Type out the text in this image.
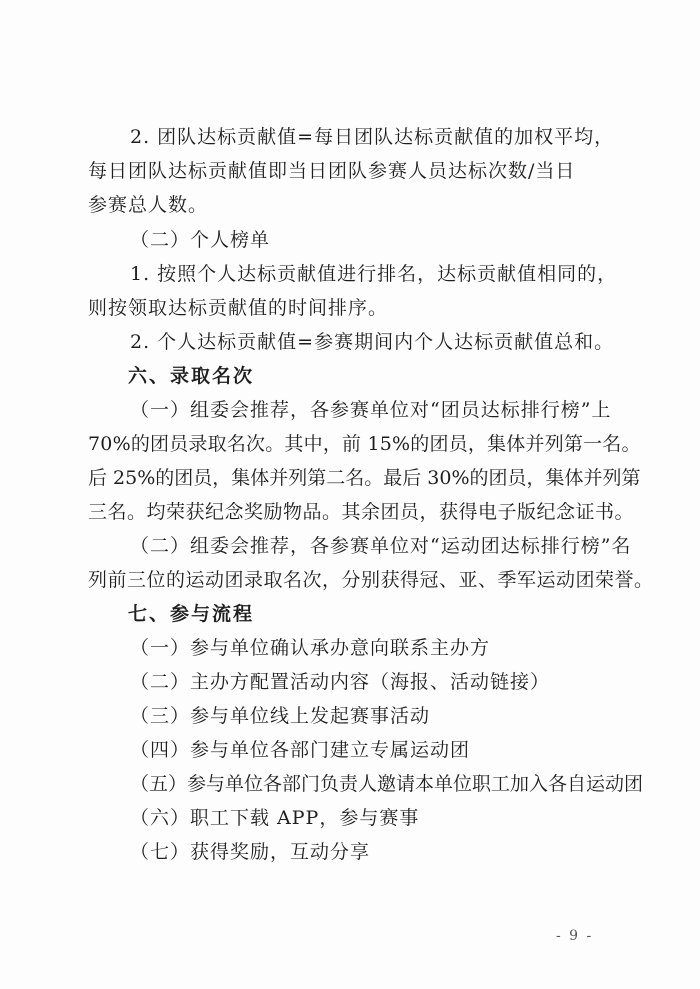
2. 团队达标贡献值=每日团队达标贡献值的加权平均，
每日团队达标贡献值即当日团队参赛人员达标次数/当日
参赛总人数。
（二）个人榜单
1. 按照个人达标贡献值进行排名，达标贡献值相同的，
则按领取达标贡献值的时间排序。
2. 个人达标贡献值=参赛期间内个人达标贡献值总和。
六、录取名次
（一）组委会推荐，各参赛单位对“团员达标排行榜”上
70%的团员录取名次。其中，前 15%的团员，集体并列第一名。
后 25%的团员，集体并列第二名。最后 30%的团员，集体并列第
三名。均荣获纪念奖励物品。其余团员，获得电子版纪念证书。
（二）组委会推荐，各参赛单位对“运动团达标排行榜”名
列前三位的运动团录取名次，分别获得冠、亚、季军运动团荣誉。
七、参与流程
（一）参与单位确认承办意向联系主办方
（二）主办方配置活动内容（海报、活动链接）
（三）参与单位线上发起赛事活动
（四）参与单位各部门建立专属运动团
（五）参与单位各部门负责人邀请本单位职工加入各自运动团
（六）职工下载 APP，参与赛事
（七）获得奖励，互动分享
- 9 -
